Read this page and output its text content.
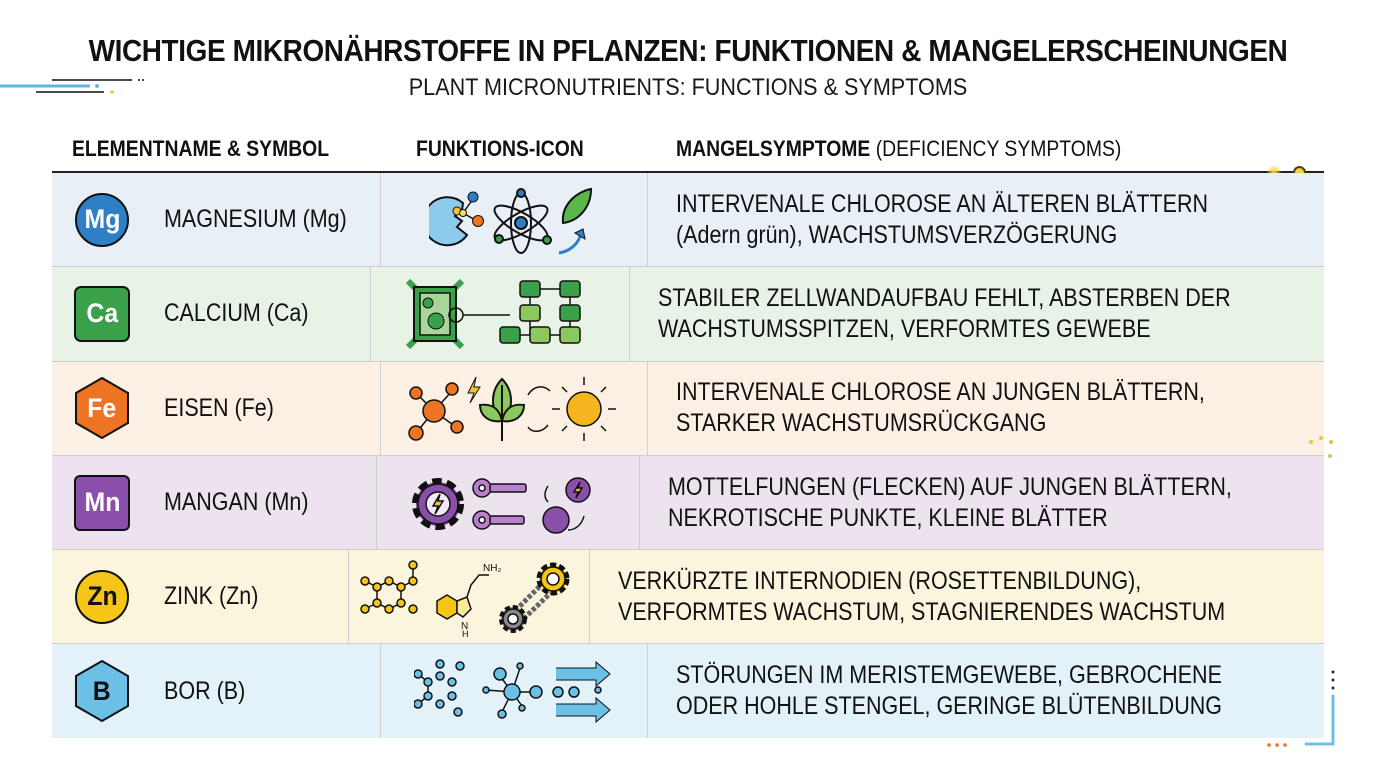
WICHTIGE MIKRONÄHRSTOFFE IN PFLANZEN: FUNKTIONEN & MANGELERSCHEINUNGEN
PLANT MICRONUTRIENTS: FUNCTIONS & SYMPTOMS
ELEMENTNAME & SYMBOL	FUNKTIONS-ICON	MANGELSYMPTOME (DEFICIENCY SYMPTOMS)
Mg MAGNESIUM (Mg)
INTERVENALE CHLOROSE AN ÄLTEREN BLÄTTERN
(Adern grün), WACHSTUMSVERZÖGERUNG
Ca CALCIUM (Ca)
STABILER ZELLWANDAUFBAU FEHLT, ABSTERBEN DER
WACHSTUMSSPITZEN, VERFORMTES GEWEBE
Fe EISEN (Fe)
INTERVENALE CHLOROSE AN JUNGEN BLÄTTERN,
STARKER WACHSTUMSRÜCKGANG
Mn MANGAN (Mn)
MOTTELFUNGEN (FLECKEN) AUF JUNGEN BLÄTTERN,
NEKROTISCHE PUNKTE, KLEINE BLÄTTER
Zn ZINK (Zn)
NH₂
N
H
VERKÜRZTE INTERNODIEN (ROSETTENBILDUNG),
VERFORMTES WACHSTUM, STAGNIERENDES WACHSTUM
B BOR (B)
STÖRUNGEN IM MERISTEMGEWEBE, GEBROCHENE
ODER HOHLE STENGEL, GERINGE BLÜTENBILDUNG
